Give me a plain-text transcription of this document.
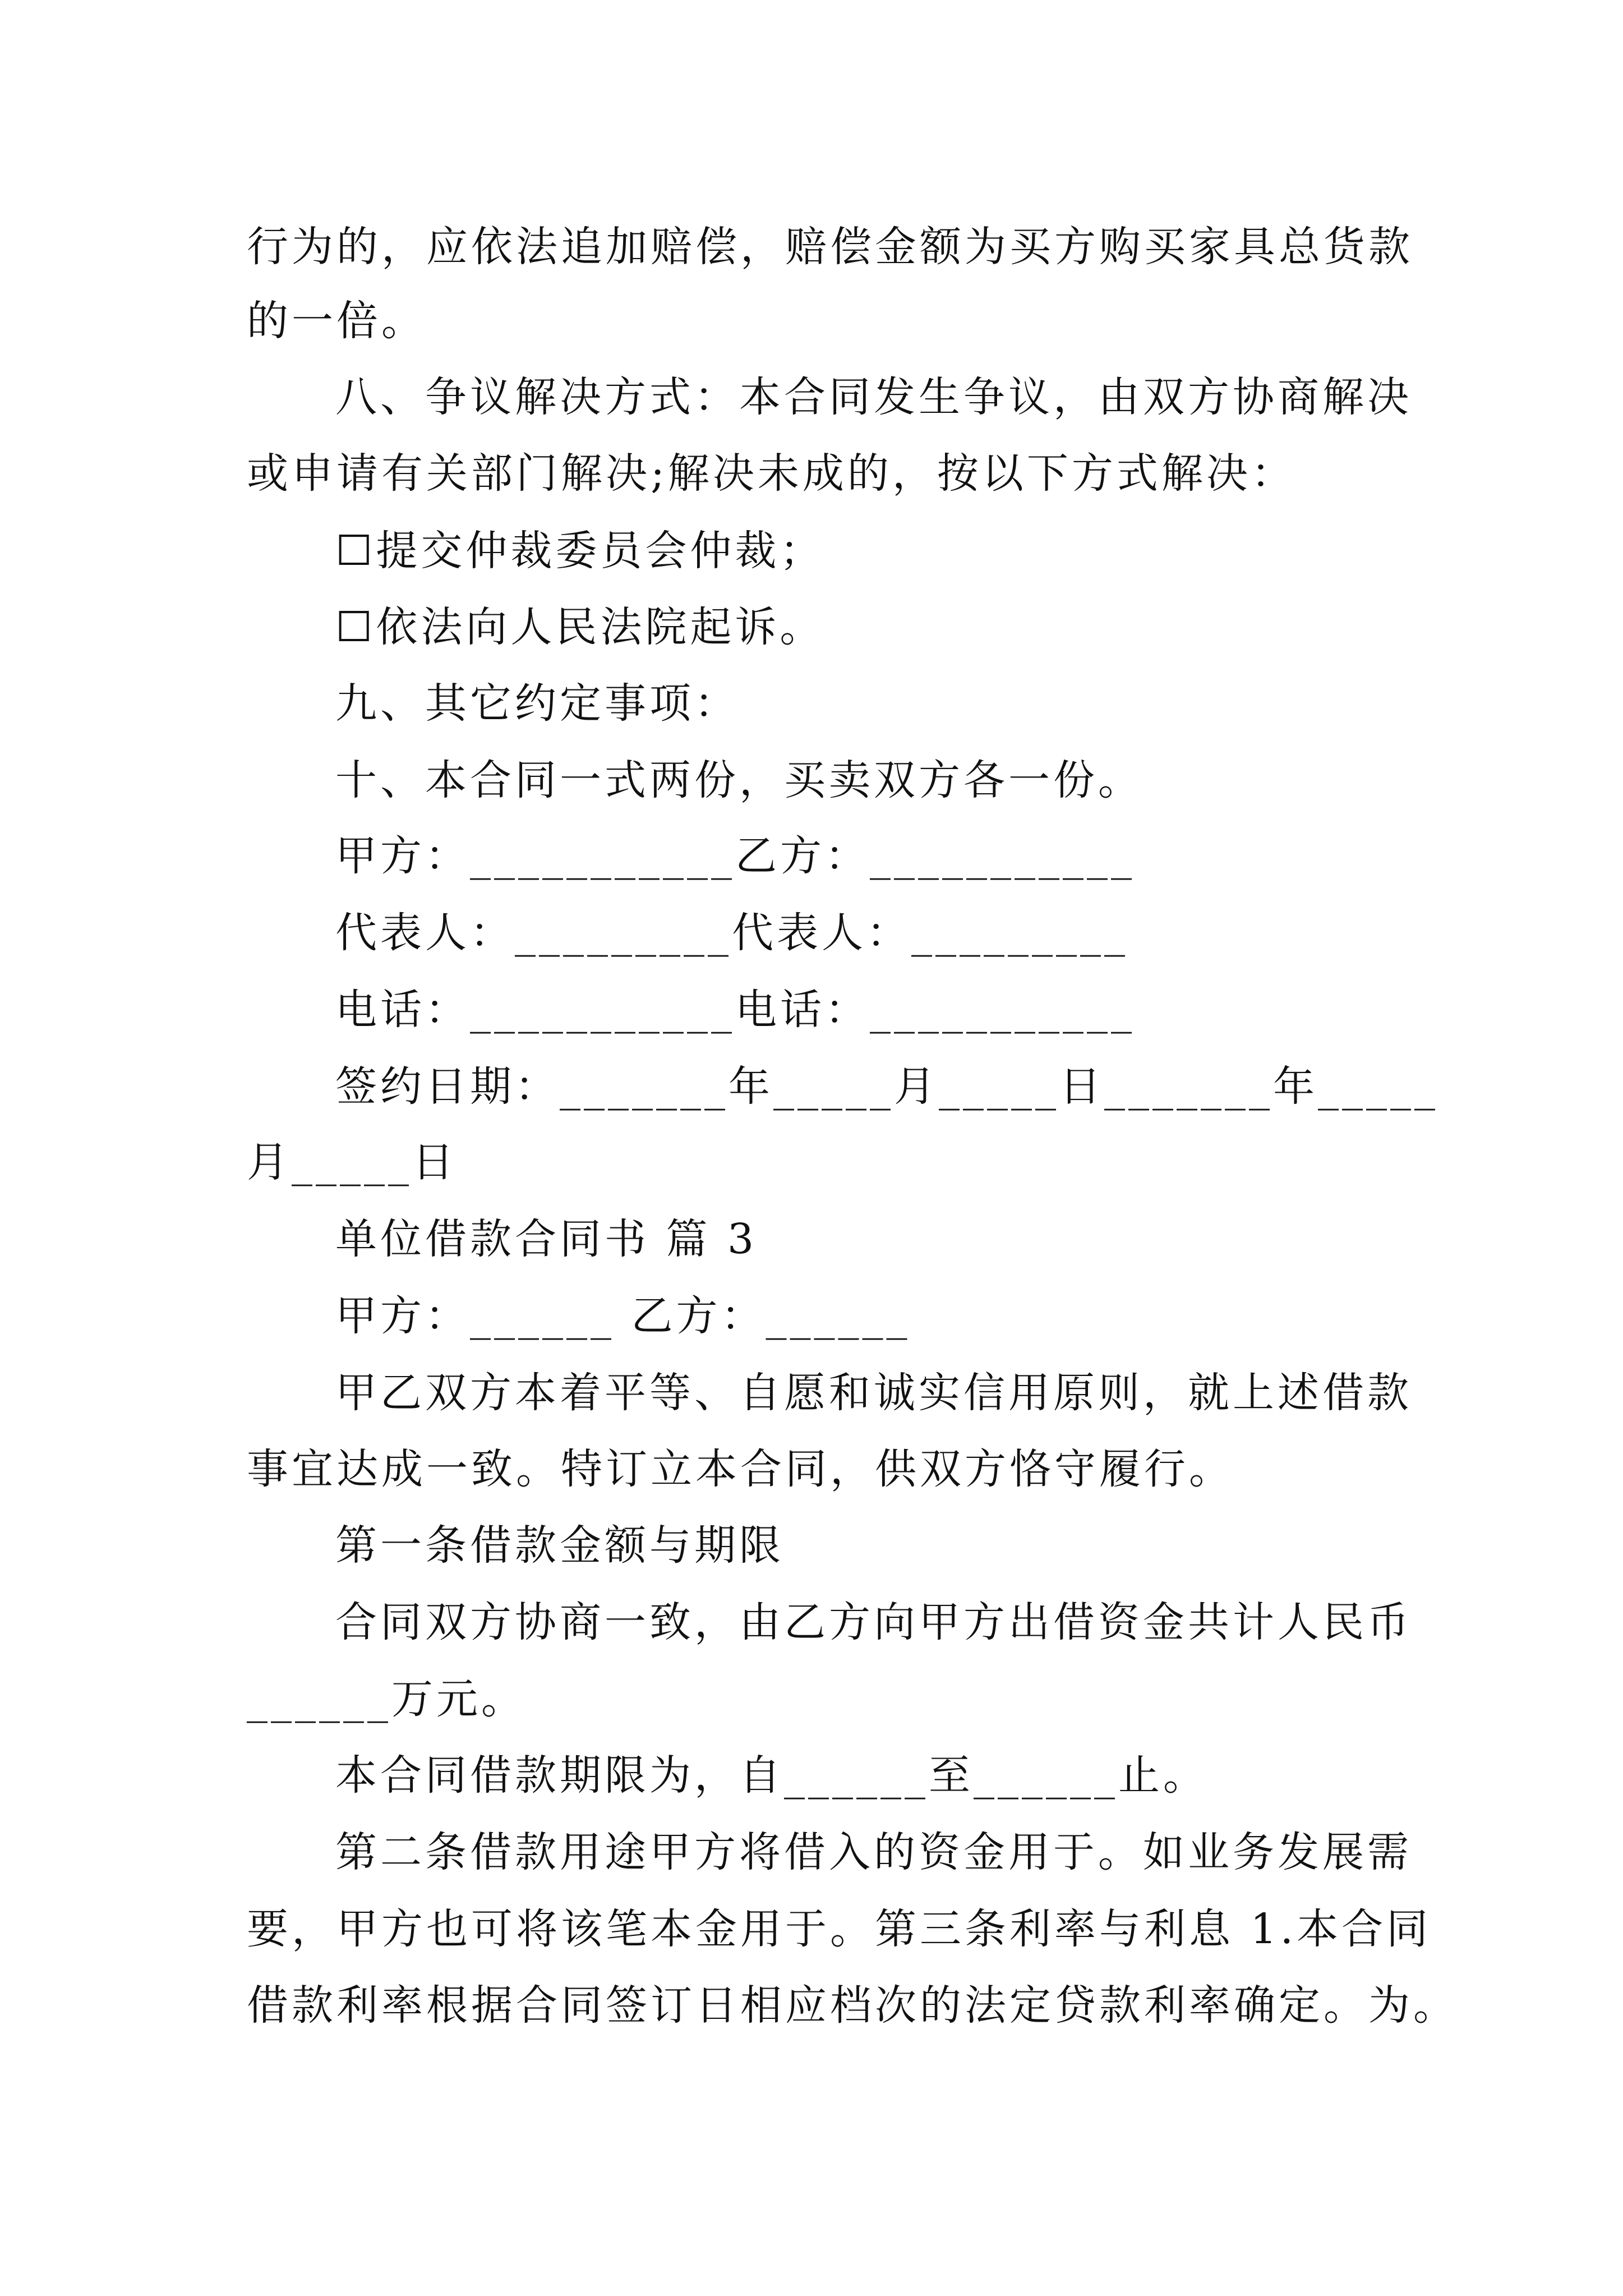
行为的，应依法追加赔偿，赔偿金额为买方购买家具总货款
的一倍。
八、争议解决方式：本合同发生争议，由双方协商解决
或申请有关部门解决;解决未成的，按以下方式解决：
☐提交仲裁委员会仲裁；
☐依法向人民法院起诉。
九、其它约定事项：
十、本合同一式两份，买卖双方各一份。
甲方：___________乙方：___________
代表人：_________代表人：_________
电话：___________电话：___________
签约日期：_______年_____月_____日_______年_____
月_____日
单位借款合同书 篇 3
甲方：______ 乙方：______
甲乙双方本着平等、自愿和诚实信用原则，就上述借款
事宜达成一致。特订立本合同，供双方恪守履行。
第一条借款金额与期限
合同双方协商一致，由乙方向甲方出借资金共计人民币
______万元。
本合同借款期限为，自______至______止。
第二条借款用途甲方将借入的资金用于。如业务发展需
要，甲方也可将该笔本金用于。第三条利率与利息 1.本合同
借款利率根据合同签订日相应档次的法定贷款利率确定。为。
